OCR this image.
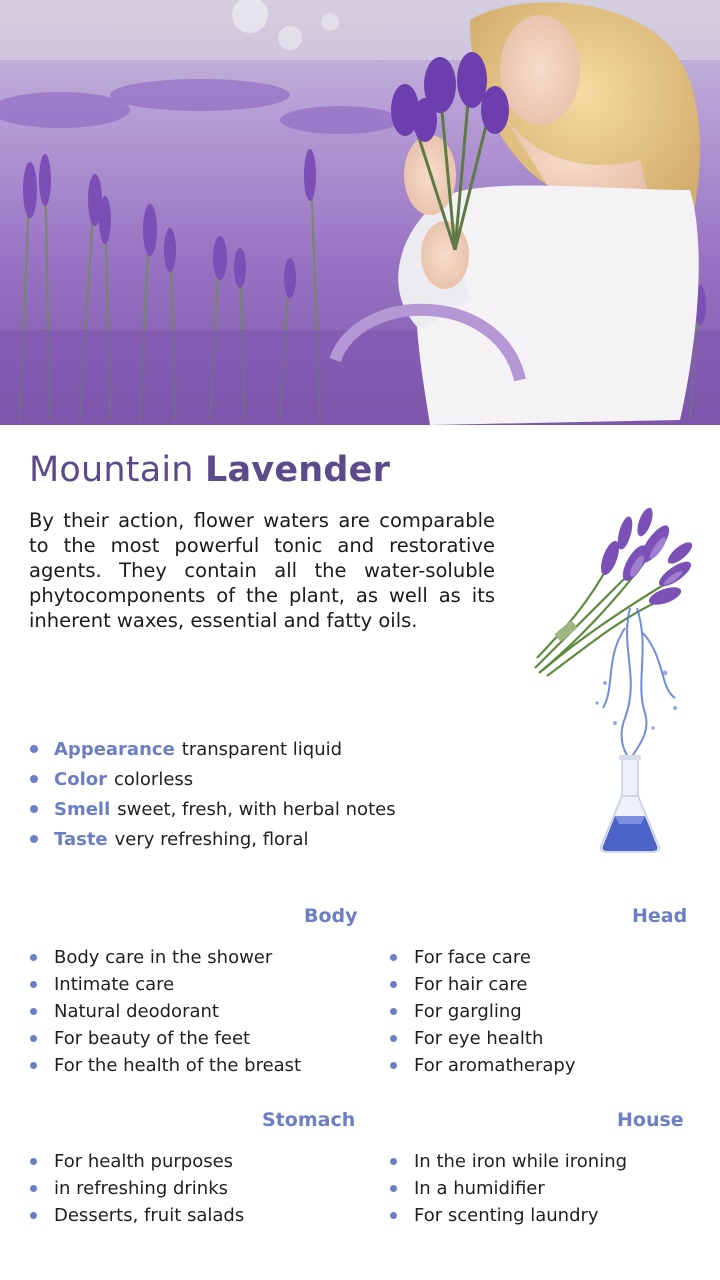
Mountain Lavender

By their action, flower waters are comparable to the most powerful tonic and restorative agents. They contain all the water-soluble phytocomponents of the plant, as well as its inherent waxes, essential and fatty oils.

Appearance transparent liquid
Color colorless
Smell sweet, fresh, with herbal notes
Taste very refreshing, floral
Body	Head
Body care in the shower
Intimate care
Natural deodorant
For beauty of the feet
For the health of the breast
For face care
For hair care
For gargling
For eye health
For aromatherapy
Stomach	House
For health purposes
in refreshing drinks
Desserts, fruit salads
In the iron while ironing
In a humidifier
For scenting laundry
